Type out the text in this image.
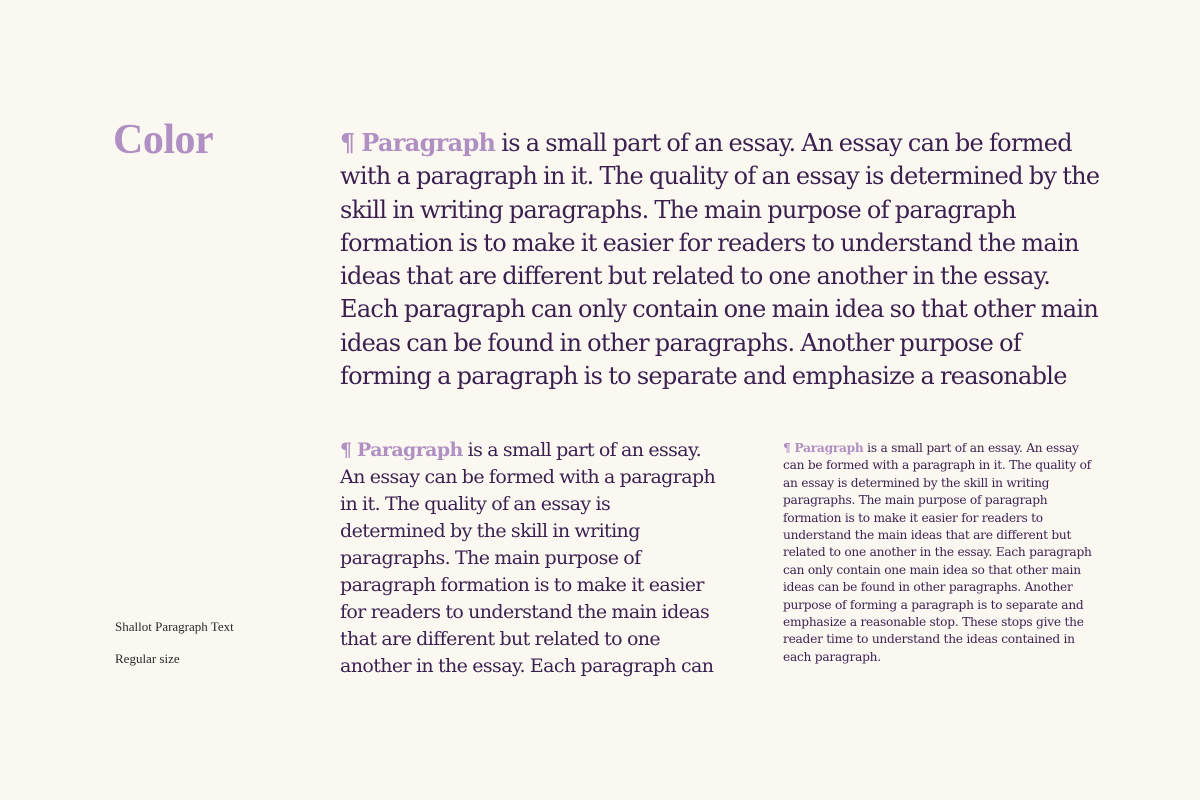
Color	¶ Paragraph is a small part of an essay. An essay can be formed with a paragraph in it. The quality of an essay is determined by the skill in writing paragraphs. The main purpose of paragraph formation is to make it easier for readers to understand the main ideas that are different but related to one another in the essay. Each paragraph can only contain one main idea so that other main ideas can be found in other paragraphs. Another purpose of forming a paragraph is to separate and emphasize a reasonable

¶ Paragraph is a small part of an essay. An essay can be formed with a paragraph in it. The quality of an essay is determined by the skill in writing paragraphs. The main purpose of paragraph formation is to make it easier for readers to understand the main ideas that are different but related to one another in the essay. Each paragraph can

¶ Paragraph is a small part of an essay. An essay can be formed with a paragraph in it. The quality of an essay is determined by the skill in writing paragraphs. The main purpose of paragraph formation is to make it easier for readers to understand the main ideas that are different but related to one another in the essay. Each paragraph can only contain one main idea so that other main ideas can be found in other paragraphs. Another purpose of forming a paragraph is to separate and emphasize a reasonable stop. These stops give the reader time to understand the ideas contained in each paragraph.

Shallot Paragraph Text

Regular size
